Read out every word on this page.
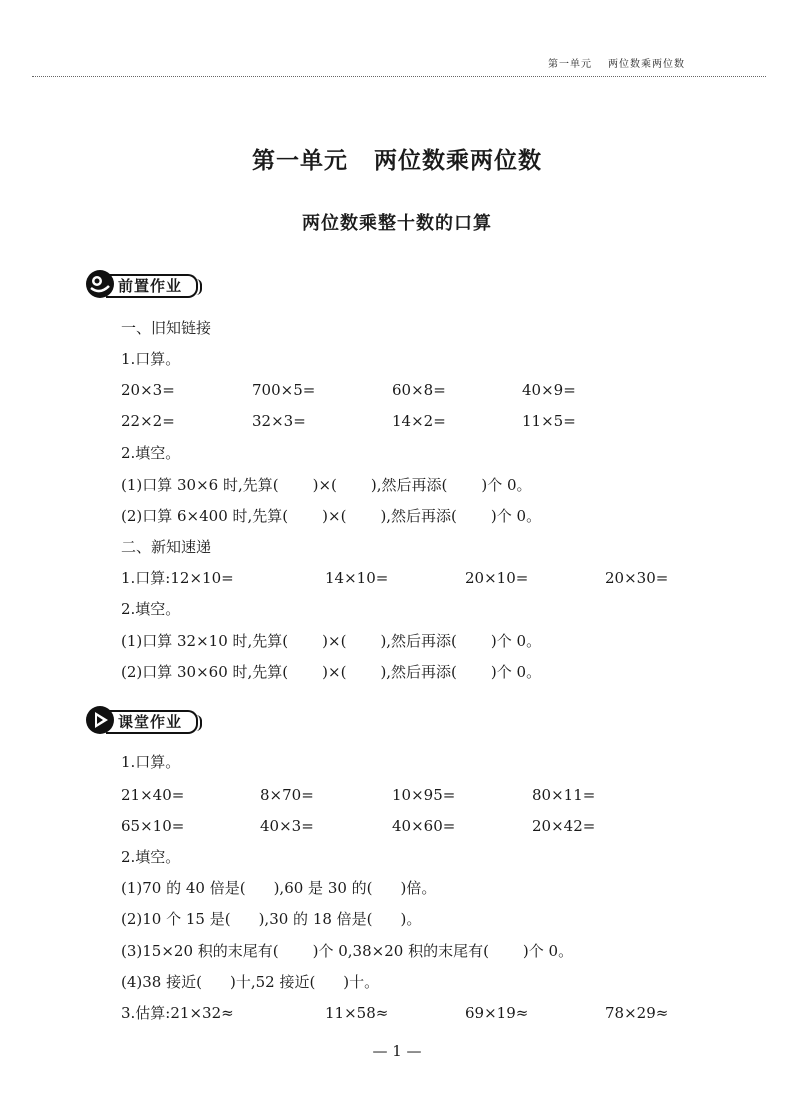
第一单元 两位数乘两位数
第一单元 两位数乘两位数
两位数乘整十数的口算
前置作业
一、旧知链接
1.口算。
20×3=	700×5=	60×8=	40×9=
22×2=	32×3=	14×2=	11×5=
2.填空。
(1)口算 30×6 时,先算( )×( ),然后再添( )个 0。
(2)口算 6×400 时,先算( )×( ),然后再添( )个 0。
二、新知速递
1.口算:12×10=	14×10=	20×10=	20×30=
2.填空。
(1)口算 32×10 时,先算( )×( ),然后再添( )个 0。
(2)口算 30×60 时,先算( )×( ),然后再添( )个 0。
课堂作业
1.口算。
21×40=	8×70=	10×95=	80×11=
65×10=	40×3=	40×60=	20×42=
2.填空。
(1)70 的 40 倍是( ),60 是 30 的( )倍。
(2)10 个 15 是( ),30 的 18 倍是( )。
(3)15×20 积的末尾有( )个 0,38×20 积的末尾有( )个 0。
(4)38 接近( )十,52 接近( )十。
3.估算:21×32≈	11×58≈	69×19≈	78×29≈
— 1 —
